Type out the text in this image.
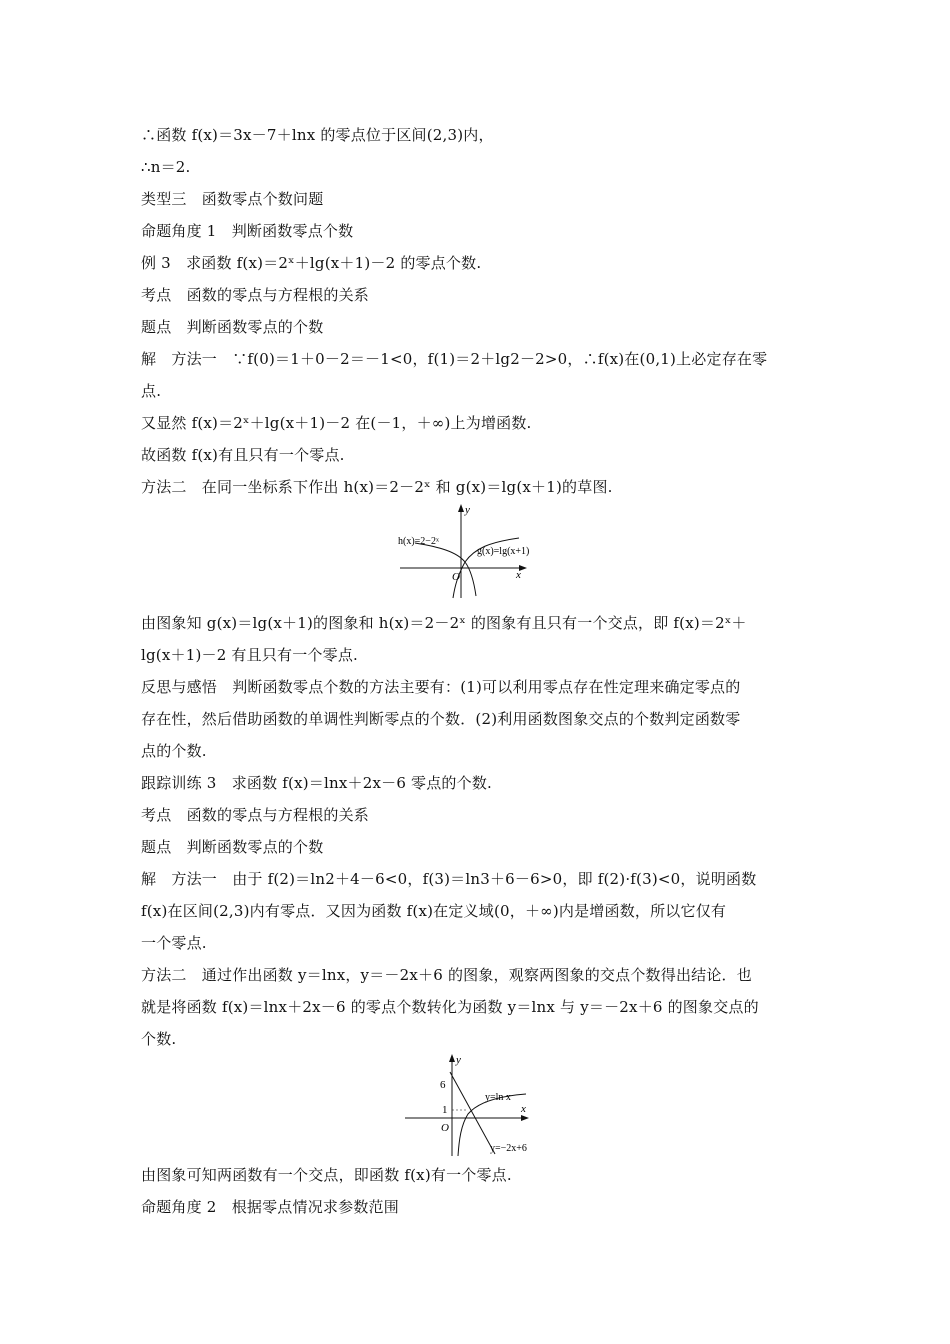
∴函数 f(x)＝3x－7＋lnx 的零点位于区间(2,3)内，
∴n＝2.
类型三　函数零点个数问题
命题角度 1　判断函数零点个数
例 3　求函数 f(x)＝2ˣ＋lg(x＋1)－2 的零点个数.
考点　函数的零点与方程根的关系
题点　判断函数零点的个数
解　方法一　∵f(0)＝1＋0－2＝－1<0，f(1)＝2＋lg2－2>0，∴f(x)在(0,1)上必定存在零
点.
又显然 f(x)＝2ˣ＋lg(x＋1)－2 在(－1，＋∞)上为增函数.
故函数 f(x)有且只有一个零点.
方法二　在同一坐标系下作出 h(x)＝2－2ˣ 和 g(x)＝lg(x＋1)的草图.
h(x)=2−2ˣ
g(x)=lg(x+1)
O	x
y
由图象知 g(x)＝lg(x＋1)的图象和 h(x)＝2－2ˣ 的图象有且只有一个交点，即 f(x)＝2ˣ＋
lg(x＋1)－2 有且只有一个零点.
反思与感悟　判断函数零点个数的方法主要有：(1)可以利用零点存在性定理来确定零点的
存在性，然后借助函数的单调性判断零点的个数．(2)利用函数图象交点的个数判定函数零
点的个数.
跟踪训练 3　求函数 f(x)＝lnx＋2x－6 零点的个数.
考点　函数的零点与方程根的关系
题点　判断函数零点的个数
解　方法一　由于 f(2)＝ln2＋4－6<0，f(3)＝ln3＋6－6>0，即 f(2)·f(3)<0，说明函数
f(x)在区间(2,3)内有零点．又因为函数 f(x)在定义域(0，＋∞)内是增函数，所以它仅有
一个零点.
方法二　通过作出函数 y＝lnx，y＝－2x＋6 的图象，观察两图象的交点个数得出结论．也
就是将函数 f(x)＝lnx＋2x－6 的零点个数转化为函数 y＝lnx 与 y＝－2x＋6 的图象交点的
个数.
y=ln x
y=−2x+6
6
1
O
x
y
由图象可知两函数有一个交点，即函数 f(x)有一个零点.
命题角度 2　根据零点情况求参数范围
